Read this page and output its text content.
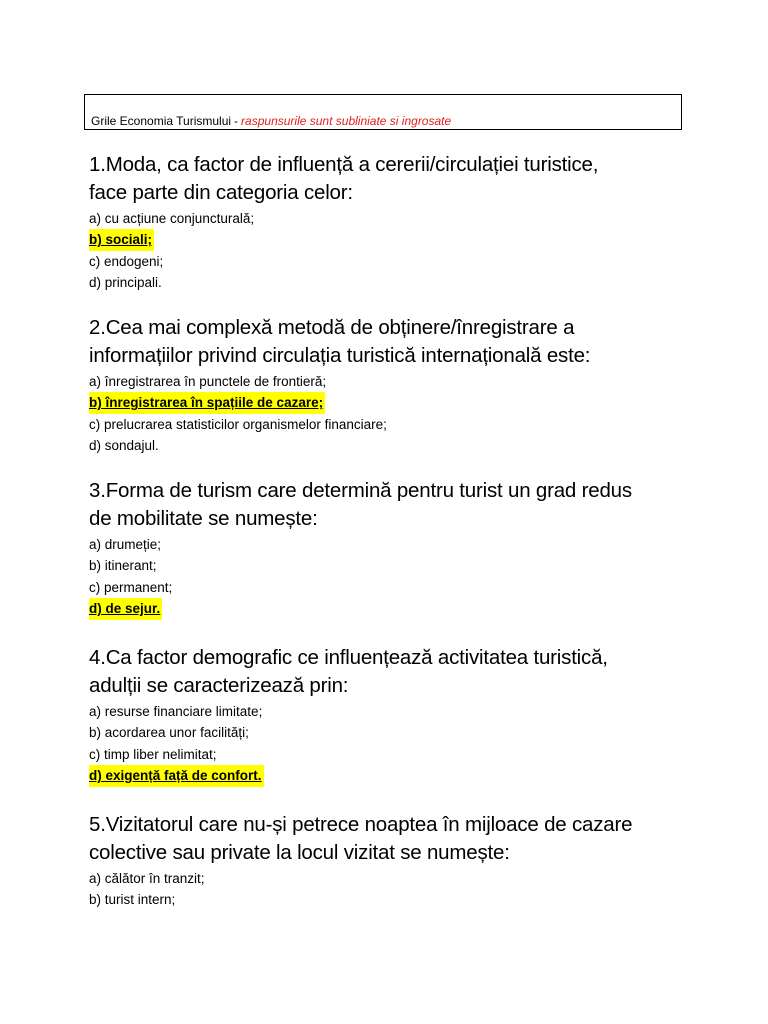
Grile Economia Turismului - raspunsurile sunt subliniate si ingrosate
1.Moda, ca factor de influență a cererii/circulației turistice,
face parte din categoria celor:
a) cu acțiune conjuncturală;
b) sociali;
c) endogeni;
d) principali.
2.Cea mai complexă metodă de obținere/înregistrare a
informațiilor privind circulația turistică internațională este:
a) înregistrarea în punctele de frontieră;
b) înregistrarea în spațiile de cazare;
c) prelucrarea statisticilor organismelor financiare;
d) sondajul.
3.Forma de turism care determină pentru turist un grad redus
de mobilitate se numește:
a) drumeție;
b) itinerant;
c) permanent;
d) de sejur.
4.Ca factor demografic ce influențează activitatea turistică,
adulții se caracterizează prin:
a) resurse financiare limitate;
b) acordarea unor facilități;
c) timp liber nelimitat;
d) exigență față de confort.
5.Vizitatorul care nu-și petrece noaptea în mijloace de cazare
colective sau private la locul vizitat se numește:
a) călător în tranzit;
b) turist intern;
